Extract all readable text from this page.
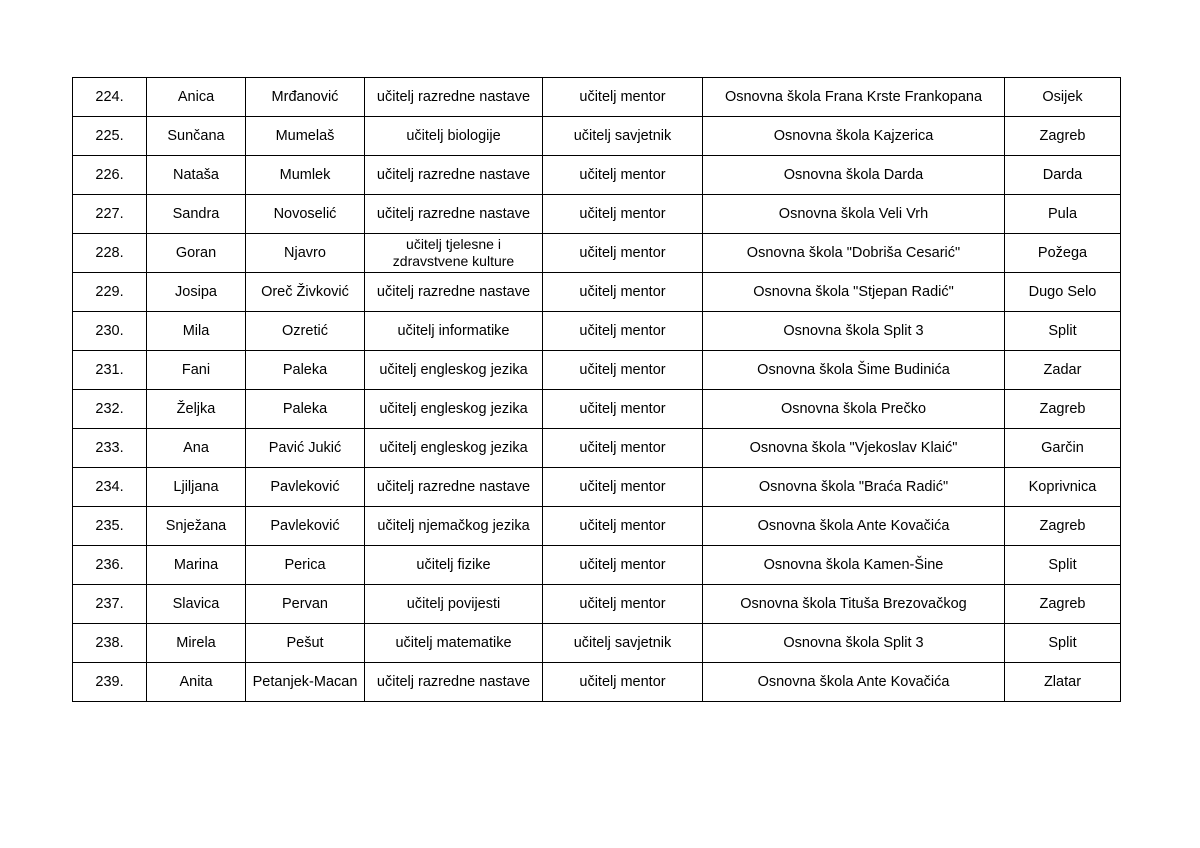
224.	Anica	Mrđanović	učitelj razredne nastave	učitelj mentor	Osnovna škola Frana Krste Frankopana	Osijek
225.	Sunčana	Mumelaš	učitelj biologije	učitelj savjetnik	Osnovna škola Kajzerica	Zagreb
226.	Nataša	Mumlek	učitelj razredne nastave	učitelj mentor	Osnovna škola Darda	Darda
227.	Sandra	Novoselić	učitelj razredne nastave	učitelj mentor	Osnovna škola Veli Vrh	Pula
228.	Goran	Njavro	učitelj tjelesne i zdravstvene kulture	učitelj mentor	Osnovna škola "Dobriša Cesarić"	Požega
229.	Josipa	Oreč Živković	učitelj razredne nastave	učitelj mentor	Osnovna škola "Stjepan Radić"	Dugo Selo
230.	Mila	Ozretić	učitelj informatike	učitelj mentor	Osnovna škola Split 3	Split
231.	Fani	Paleka	učitelj engleskog jezika	učitelj mentor	Osnovna škola Šime Budinića	Zadar
232.	Željka	Paleka	učitelj engleskog jezika	učitelj mentor	Osnovna škola Prečko	Zagreb
233.	Ana	Pavić Jukić	učitelj engleskog jezika	učitelj mentor	Osnovna škola "Vjekoslav Klaić"	Garčin
234.	Ljiljana	Pavleković	učitelj razredne nastave	učitelj mentor	Osnovna škola "Braća Radić"	Koprivnica
235.	Snježana	Pavleković	učitelj njemačkog jezika	učitelj mentor	Osnovna škola Ante Kovačića	Zagreb
236.	Marina	Perica	učitelj fizike	učitelj mentor	Osnovna škola Kamen-Šine	Split
237.	Slavica	Pervan	učitelj povijesti	učitelj mentor	Osnovna škola Tituša Brezovačkog	Zagreb
238.	Mirela	Pešut	učitelj matematike	učitelj savjetnik	Osnovna škola Split 3	Split
239.	Anita	Petanjek-Macan	učitelj razredne nastave	učitelj mentor	Osnovna škola Ante Kovačića	Zlatar
